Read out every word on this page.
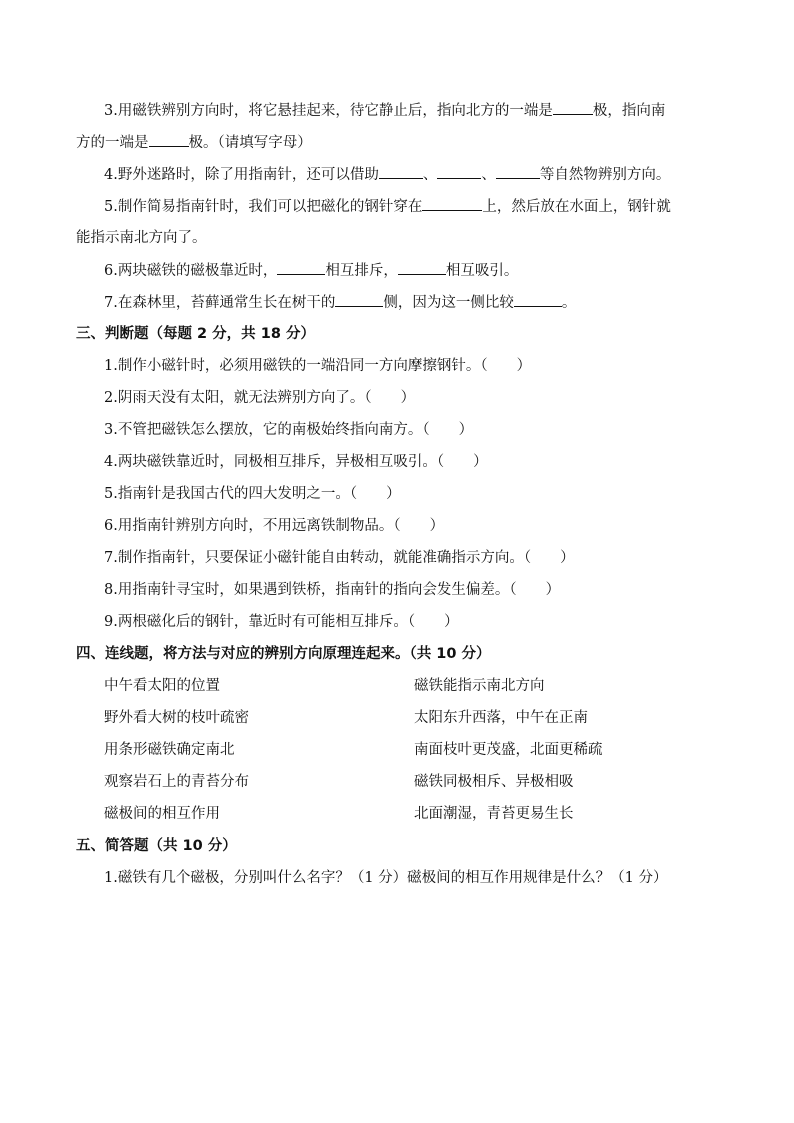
3.用磁铁辨别方向时，将它悬挂起来，待它静止后，指向北方的一端是	极，指向南
方的一端是	极。（请填写字母）
4.野外迷路时，除了用指南针，还可以借助	、	、	等自然物辨别方向。
5.制作简易指南针时，我们可以把磁化的钢针穿在	上，然后放在水面上，钢针就
能指示南北方向了。
6.两块磁铁的磁极靠近时，	相互排斥，	相互吸引。
7.在森林里，苔藓通常生长在树干的	侧，因为这一侧比较	。
三、判断题（每题 2 分，共 18 分）
1.制作小磁针时，必须用磁铁的一端沿同一方向摩擦钢针。（　　）
2.阴雨天没有太阳，就无法辨别方向了。（　　）
3.不管把磁铁怎么摆放，它的南极始终指向南方。（　　）
4.两块磁铁靠近时，同极相互排斥，异极相互吸引。（　　）
5.指南针是我国古代的四大发明之一。（　　）
6.用指南针辨别方向时，不用远离铁制物品。（　　）
7.制作指南针，只要保证小磁针能自由转动，就能准确指示方向。（　　）
8.用指南针寻宝时，如果遇到铁桥，指南针的指向会发生偏差。（　　）
9.两根磁化后的钢针，靠近时有可能相互排斥。（　　）
四、连线题，将方法与对应的辨别方向原理连起来。（共 10 分）
中午看太阳的位置	磁铁能指示南北方向
野外看大树的枝叶疏密	太阳东升西落，中午在正南
用条形磁铁确定南北	南面枝叶更茂盛，北面更稀疏
观察岩石上的青苔分布	磁铁同极相斥、异极相吸
磁极间的相互作用	北面潮湿，青苔更易生长
五、简答题（共 10 分）
1.磁铁有几个磁极，分别叫什么名字？（1 分）磁极间的相互作用规律是什么？（1 分）
